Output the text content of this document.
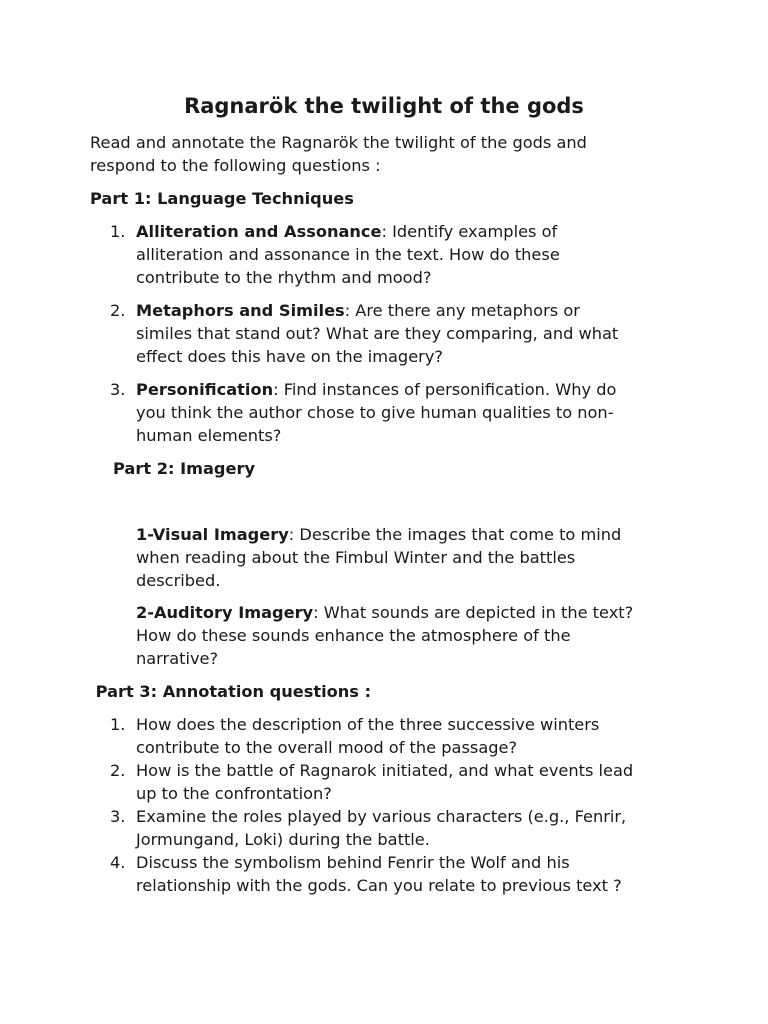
Ragnarök the twilight of the gods

Read and annotate the Ragnarök the twilight of the gods and
respond to the following questions :

Part 1: Language Techniques
1. Alliteration and Assonance: Identify examples of
alliteration and assonance in the text. How do these
contribute to the rhythm and mood?
2. Metaphors and Similes: Are there any metaphors or
similes that stand out? What are they comparing, and what
effect does this have on the imagery?
3. Personification: Find instances of personification. Why do
you think the author chose to give human qualities to non-
human elements?
Part 2: Imagery

1-Visual Imagery: Describe the images that come to mind
when reading about the Fimbul Winter and the battles
described.

2-Auditory Imagery: What sounds are depicted in the text?
How do these sounds enhance the atmosphere of the
narrative?

Part 3: Annotation questions :
1. How does the description of the three successive winters
contribute to the overall mood of the passage?
2. How is the battle of Ragnarok initiated, and what events lead
up to the confrontation?
3. Examine the roles played by various characters (e.g., Fenrir,
Jormungand, Loki) during the battle.
4. Discuss the symbolism behind Fenrir the Wolf and his
relationship with the gods. Can you relate to previous text ?
